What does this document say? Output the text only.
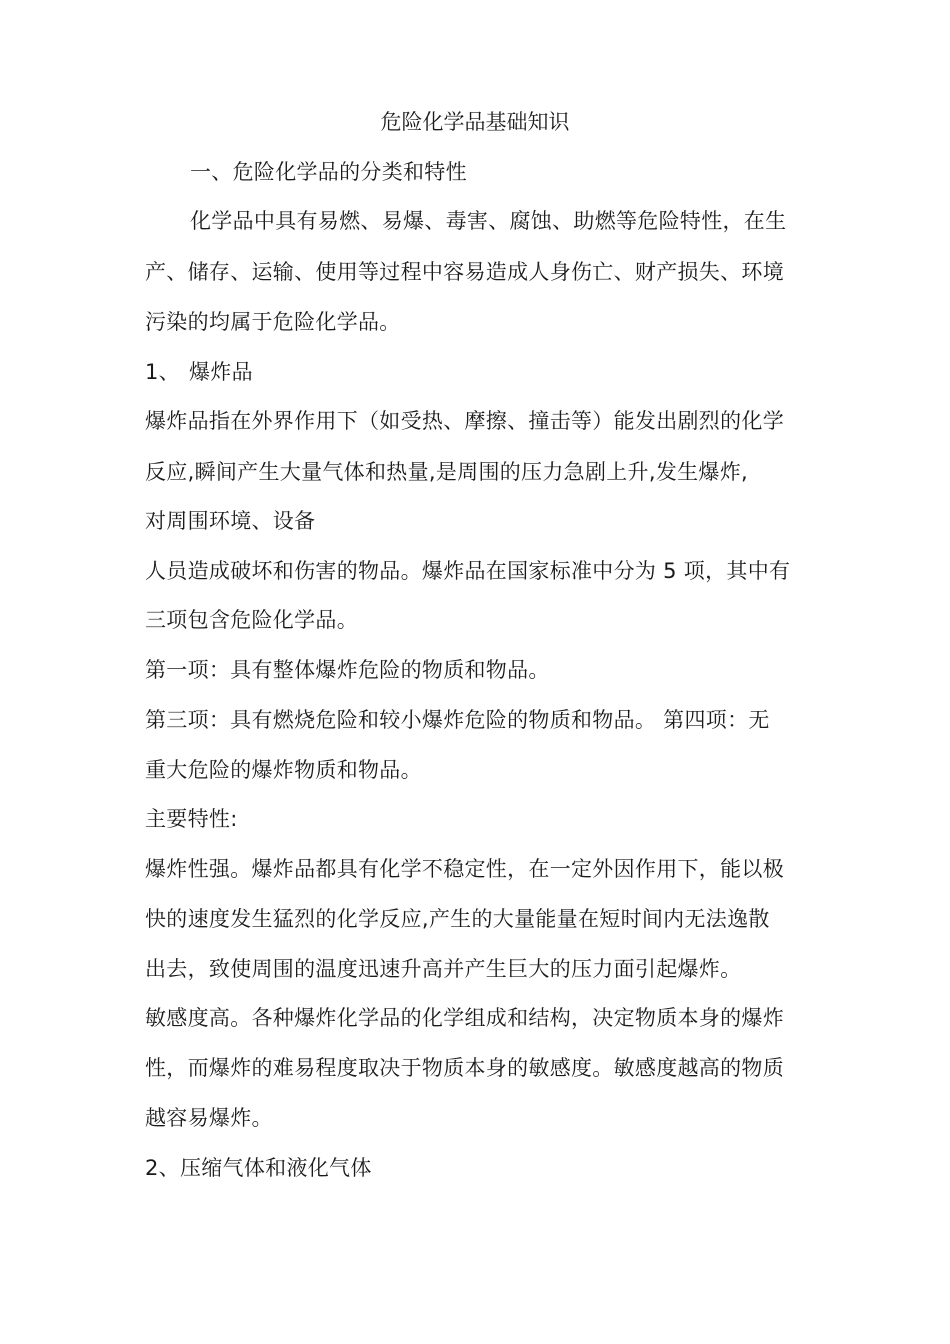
危险化学品基础知识
一、危险化学品的分类和特性
化学品中具有易燃、易爆、毒害、腐蚀、助燃等危险特性，在生
产、储存、运输、使用等过程中容易造成人身伤亡、财产损失、环境
污染的均属于危险化学品。
1、 爆炸品
爆炸品指在外界作用下（如受热、摩擦、撞击等）能发出剧烈的化学
反应,瞬间产生大量气体和热量,是周围的压力急剧上升,发生爆炸,
对周围环境、设备
人员造成破坏和伤害的物品。爆炸品在国家标准中分为 5 项，其中有
三项包含危险化学品。
第一项：具有整体爆炸危险的物质和物品。
第三项：具有燃烧危险和较小爆炸危险的物质和物品。 第四项：无
重大危险的爆炸物质和物品。
主要特性:
爆炸性强。爆炸品都具有化学不稳定性，在一定外因作用下，能以极
快的速度发生猛烈的化学反应,产生的大量能量在短时间内无法逸散
出去，致使周围的温度迅速升高并产生巨大的压力面引起爆炸。
敏感度高。各种爆炸化学品的化学组成和结构，决定物质本身的爆炸
性，而爆炸的难易程度取决于物质本身的敏感度。敏感度越高的物质
越容易爆炸。
2、压缩气体和液化气体
